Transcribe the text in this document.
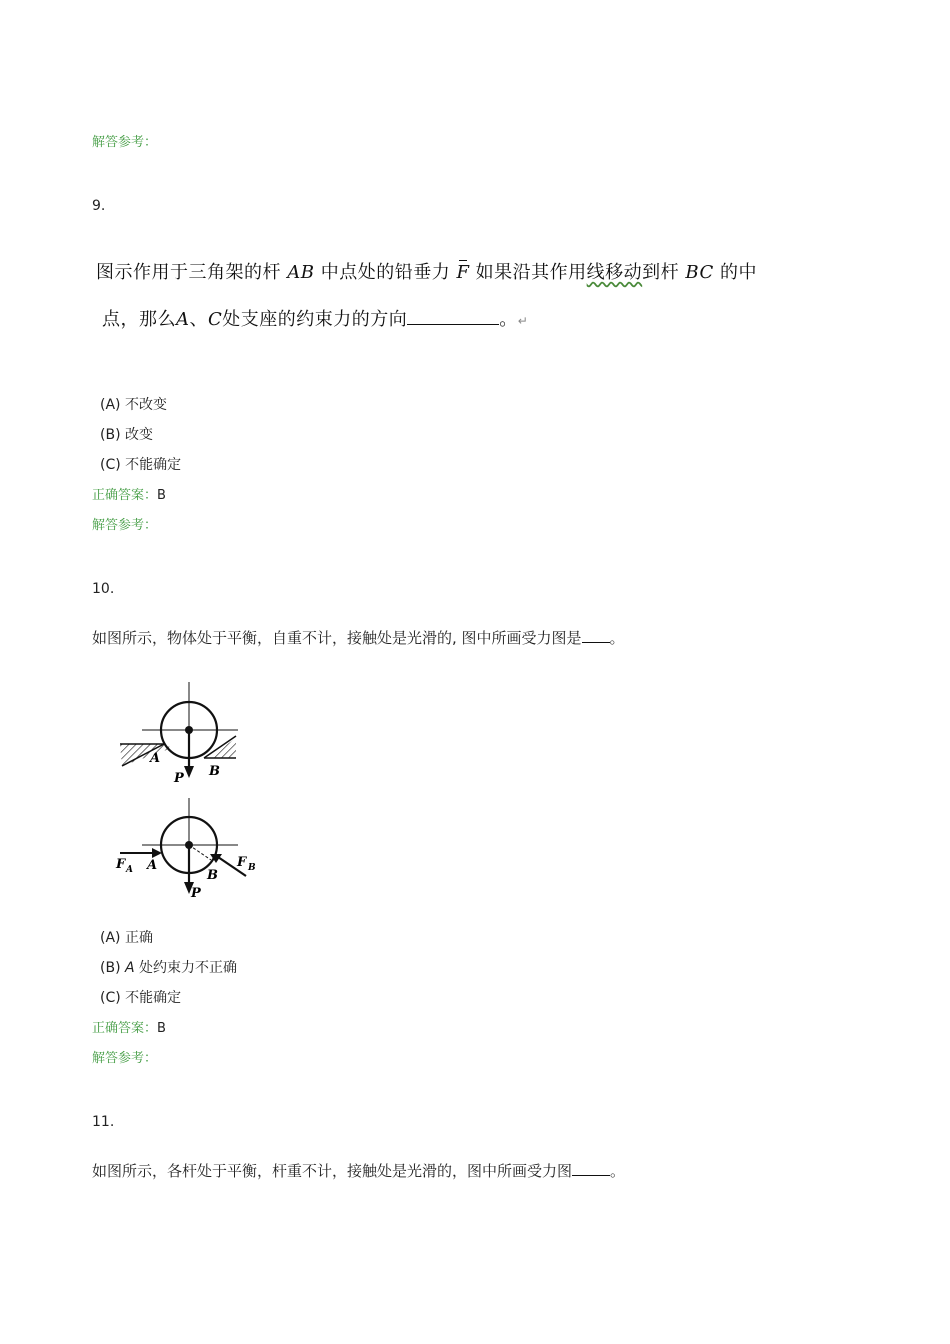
解答参考：
9.
图示作用于三角架的杆 AB 中点处的铅垂力 F 如果沿其作用线移动到杆 BC 的中
点，那么A、C处支座的约束力的方向	。↵
(A) 不改变
(B) 改变
(C) 不能确定
正确答案：B
解答参考：
10.
如图所示，物体处于平衡，自重不计，接触处是光滑的, 图中所画受力图是 。
A
B
P
F A A
B
F B
P
(A) 正确
(B) A 处约束力不正确
(C) 不能确定
正确答案：B
解答参考：
11.
如图所示，各杆处于平衡，杆重不计，接触处是光滑的，图中所画受力图	。
